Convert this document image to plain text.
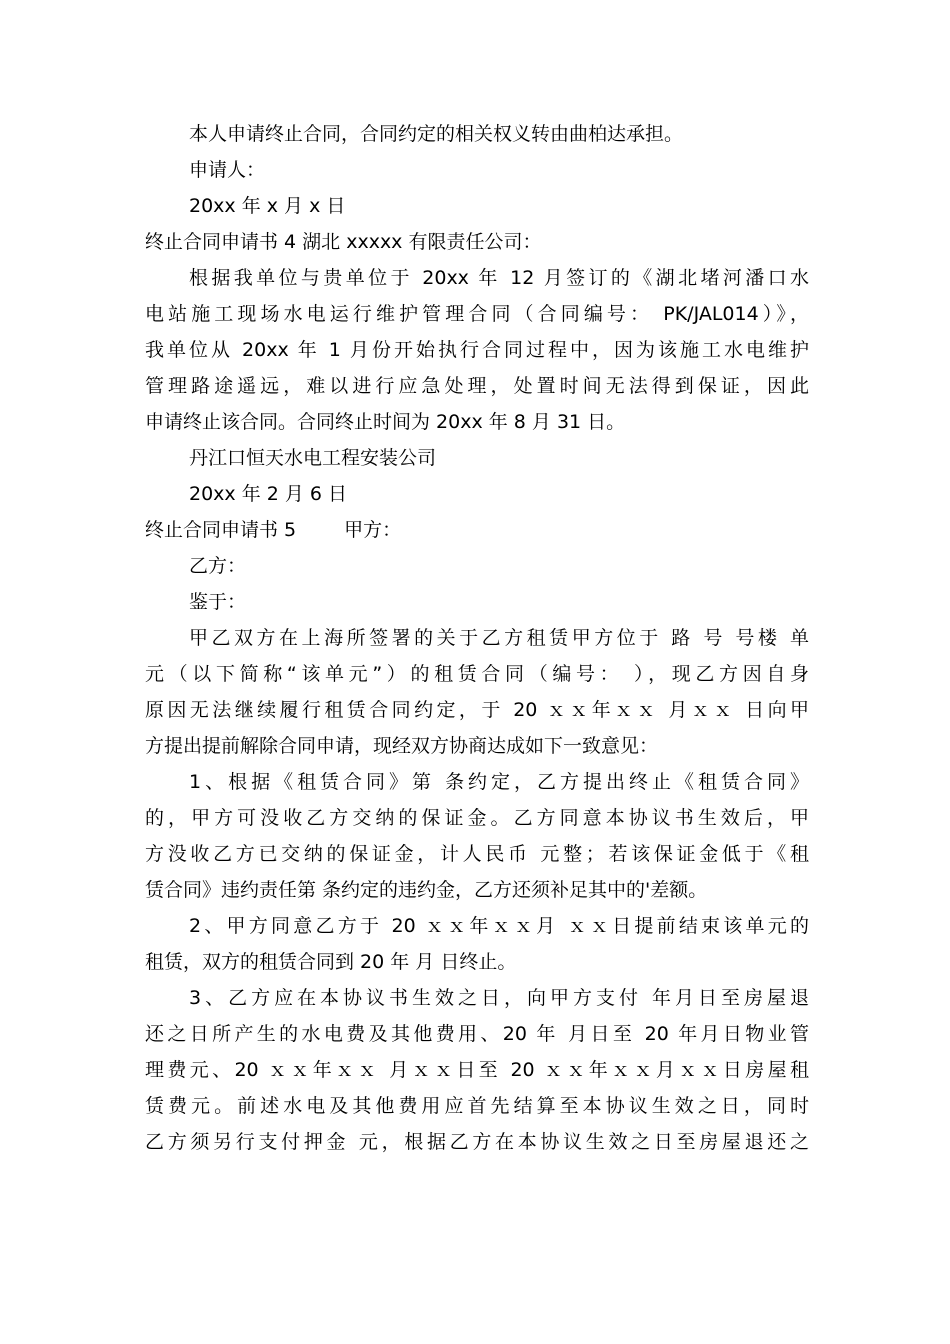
本人申请终止合同，合同约定的相关权义转由曲柏达承担。
申请人：
20xx 年 x 月 x 日
终止合同申请书 4 湖北 xxxxx 有限责任公司：
根据我单位与贵单位于 20xx 年 12 月签订的《湖北堵河潘口水
电站施工现场水电运行维护管理合同（合同编号： PK/JAL014）》，
我单位从 20xx 年 1 月份开始执行合同过程中，因为该施工水电维护
管理路途遥远，难以进行应急处理，处置时间无法得到保证，因此
申请终止该合同。合同终止时间为 20xx 年 8 月 31 日。
丹江口恒天水电工程安装公司
20xx 年 2 月 6 日
终止合同申请书 5	甲方：
乙方：
鉴于：
甲乙双方在上海所签署的关于乙方租赁甲方位于 路 号 号楼 单
元（以下简称“该单元”）的租赁合同（编号： ），现乙方因自身
原因无法继续履行租赁合同约定，于 20 ｘｘ年ｘｘ 月ｘｘ 日向甲
方提出提前解除合同申请，现经双方协商达成如下一致意见：
1、根据《租赁合同》第 条约定，乙方提出终止《租赁合同》
的，甲方可没收乙方交纳的保证金。乙方同意本协议书生效后，甲
方没收乙方已交纳的保证金，计人民币 元整；若该保证金低于《租
赁合同》违约责任第 条约定的违约金，乙方还须补足其中的'差额。
2、甲方同意乙方于 20 ｘｘ年ｘｘ月 ｘｘ日提前结束该单元的
租赁，双方的租赁合同到 20 年 月 日终止。
3、乙方应在本协议书生效之日，向甲方支付 年月日至房屋退
还之日所产生的水电费及其他费用、20 年 月日至 20 年月日物业管
理费元、20 ｘｘ年ｘｘ 月ｘｘ日至 20 ｘｘ年ｘｘ月ｘｘ日房屋租
赁费元。前述水电及其他费用应首先结算至本协议生效之日，同时
乙方须另行支付押金 元，根据乙方在本协议生效之日至房屋退还之
